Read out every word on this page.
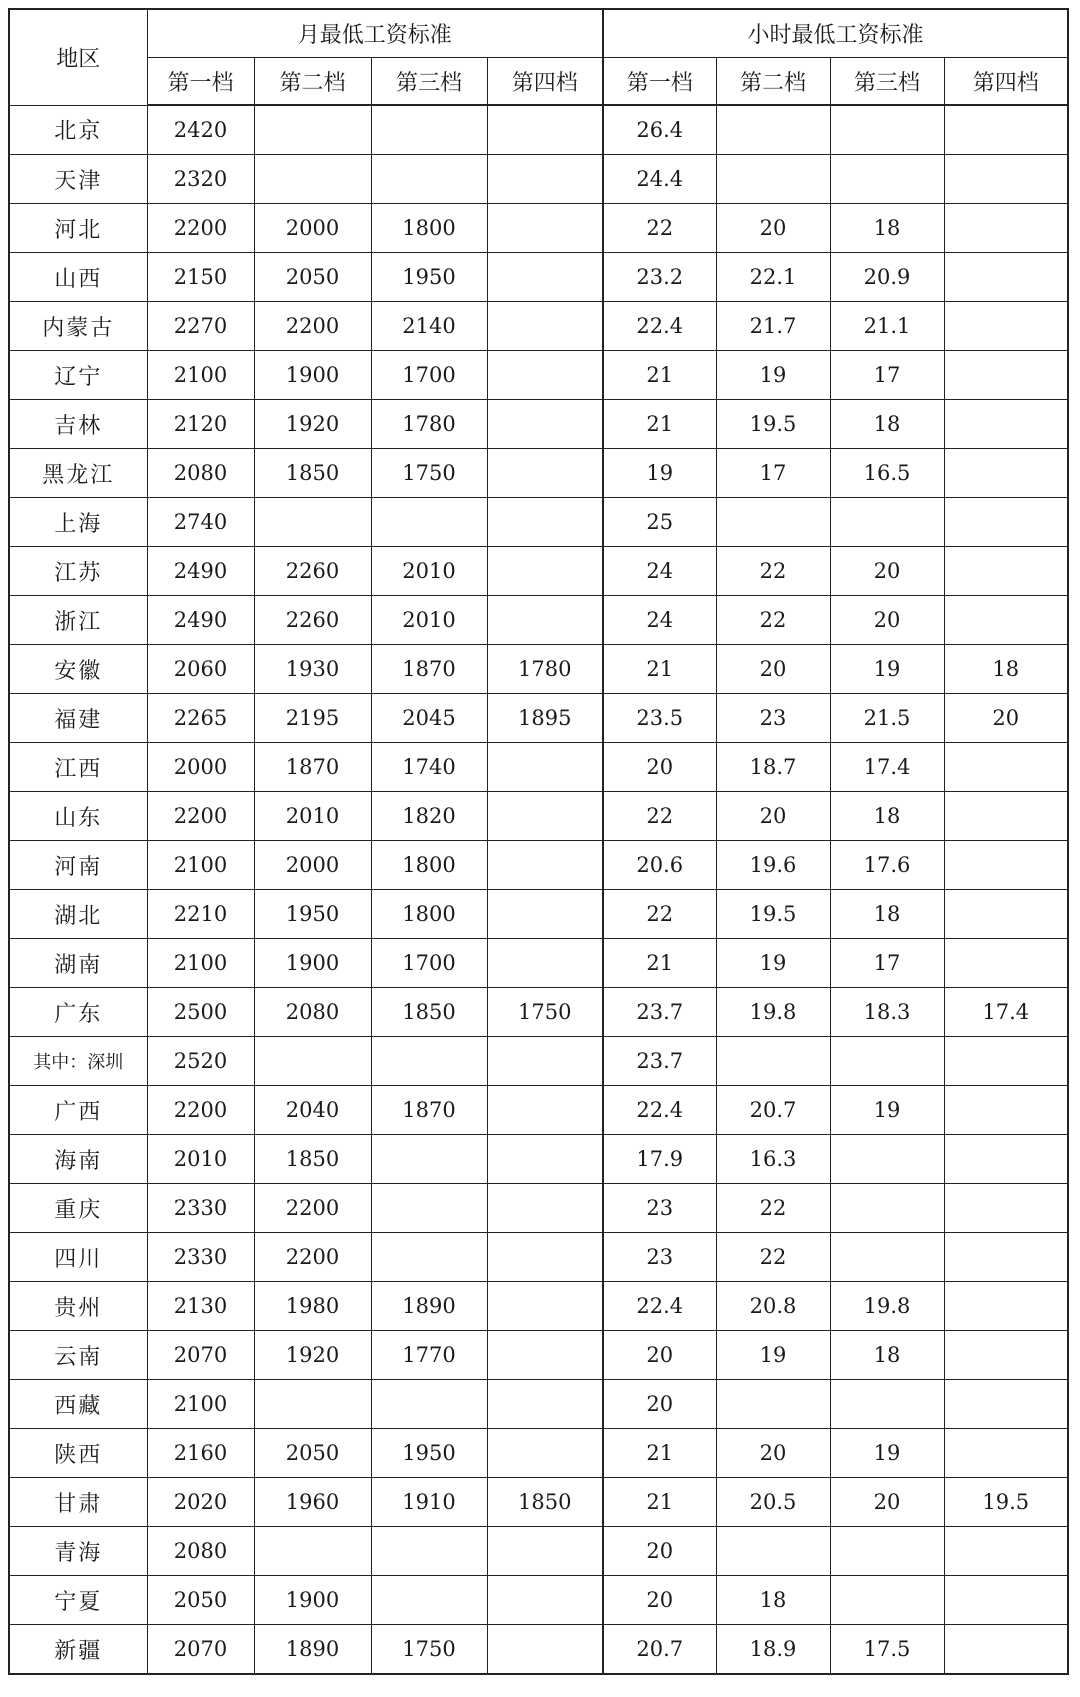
地区	月最低工资标准				小时最低工资标准			
	第一档	第二档	第三档	第四档	第一档	第二档	第三档	第四档
北京	2420				26.4			
天津	2320				24.4			
河北	2200	2000	1800		22	20	18	
山西	2150	2050	1950		23.2	22.1	20.9	
内蒙古	2270	2200	2140		22.4	21.7	21.1	
辽宁	2100	1900	1700		21	19	17	
吉林	2120	1920	1780		21	19.5	18	
黑龙江	2080	1850	1750		19	17	16.5	
上海	2740				25			
江苏	2490	2260	2010		24	22	20	
浙江	2490	2260	2010		24	22	20	
安徽	2060	1930	1870	1780	21	20	19	18
福建	2265	2195	2045	1895	23.5	23	21.5	20
江西	2000	1870	1740		20	18.7	17.4	
山东	2200	2010	1820		22	20	18	
河南	2100	2000	1800		20.6	19.6	17.6	
湖北	2210	1950	1800		22	19.5	18	
湖南	2100	1900	1700		21	19	17	
广东	2500	2080	1850	1750	23.7	19.8	18.3	17.4
其中：深圳	2520				23.7			
广西	2200	2040	1870		22.4	20.7	19	
海南	2010	1850			17.9	16.3		
重庆	2330	2200			23	22		
四川	2330	2200			23	22		
贵州	2130	1980	1890		22.4	20.8	19.8	
云南	2070	1920	1770		20	19	18	
西藏	2100				20			
陕西	2160	2050	1950		21	20	19	
甘肃	2020	1960	1910	1850	21	20.5	20	19.5
青海	2080				20			
宁夏	2050	1900			20	18		
新疆	2070	1890	1750		20.7	18.9	17.5	
